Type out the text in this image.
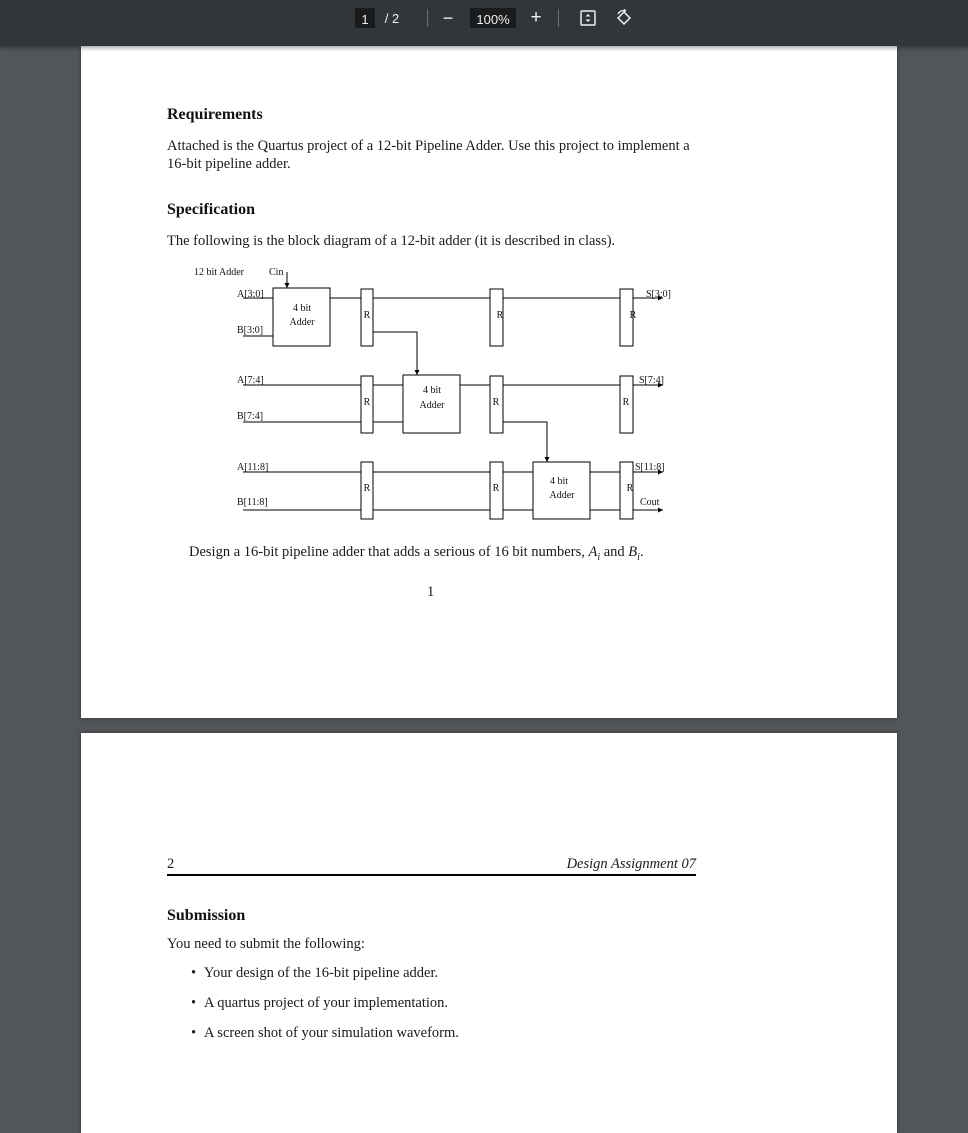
1	/
2 −	100%	+
Requirements
Attached is the Quartus project of a 12-bit Pipeline Adder. Use this project to implement a
16-bit pipeline adder.
Specification
The following is the block diagram of a 12-bit adder (it is described in class).
12 bit Adder	Cin
A[3:0]
B[3:0]
A[7:4]
B[7:4]
A[11:8]
B[11:8]
S[3:0]
S[7:4]
S[11:8]
Cout
4 bit
Adder
4 bit
Adder
4 bit
Adder
R	R	R
R	R	R
R	R	R
Design a 16-bit pipeline adder that adds a serious of 16 bit numbers, $A_i$ and $B_i$.
1
2	Design Assignment 07
Submission
You need to submit the following:
• Your design of the 16-bit pipeline adder.
• A quartus project of your implementation.
• A screen shot of your simulation waveform.
